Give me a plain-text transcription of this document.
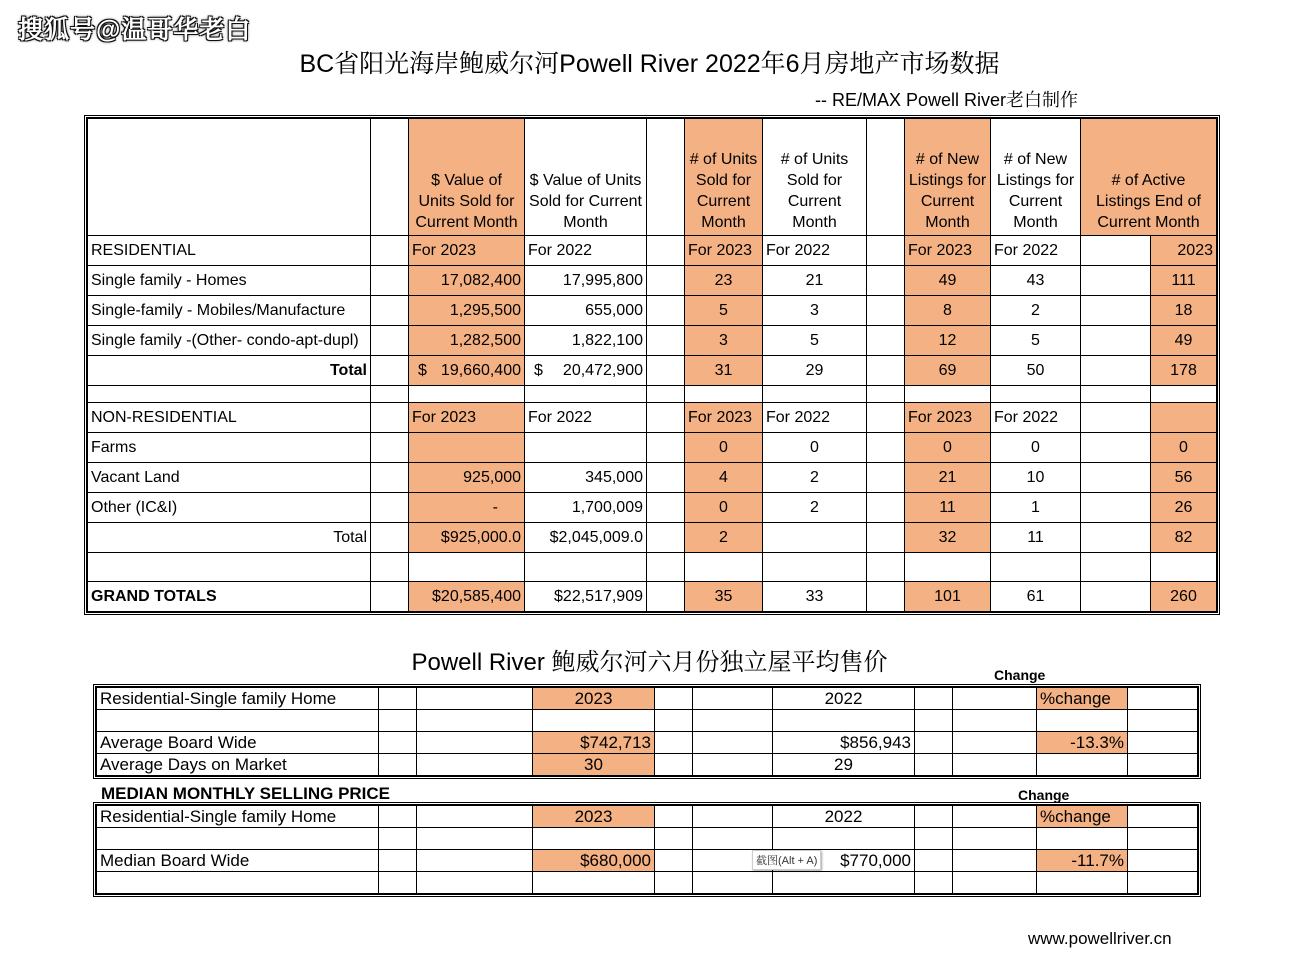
搜狐号@温哥华老白
BC省阳光海岸鲍威尔河Powell River 2022年6月房地产市场数据
-- RE/MAX Powell River老白制作
		$ Value of Units Sold for Current Month	$ Value of Units Sold for Current Month		# of Units Sold for Current Month	# of Units Sold for Current Month		# of New Listings for Current Month	# of New Listings for Current Month	# of Active Listings End of Current Month	
RESIDENTIAL		For 2023	For 2022		For 2023	For 2022		For 2023	For 2022		2023
Single family - Homes		17,082,400	17,995,800		23	21		49	43		111
Single-family - Mobiles/Manufacture		1,295,500	655,000		5	3		8	2		18
Single family -(Other- condo-apt-dupl)		1,282,500	1,822,100		3	5		12	5		49
Total		$ 19,660,400	$ 20,472,900		31	29		69	50		178

NON-RESIDENTIAL		For 2023	For 2022		For 2023	For 2022		For 2023	For 2022		
Farms					0	0		0	0		0
Vacant Land		925,000	345,000		4	2		21	10		56
Other (IC&I)		-	1,700,009		0	2		11	1		26
Total		$925,000.0	$2,045,009.0		2			32	11		82

GRAND TOTALS		$20,585,400	$22,517,909		35	33		101	61		260
Powell River 鲍威尔河六月份独立屋平均售价	Change
Residential-Single family Home			2023			2022			%change	

Average Board Wide			$742,713			$856,943			-13.3%	
Average Days on Market			30			29				
MEDIAN MONTHLY SELLING PRICE	Change
Residential-Single family Home			2023			2022			%change	

Median Board Wide			$680,000			$770,000			-11.7%	

截图(Alt + A)
www.powellriver.cn
